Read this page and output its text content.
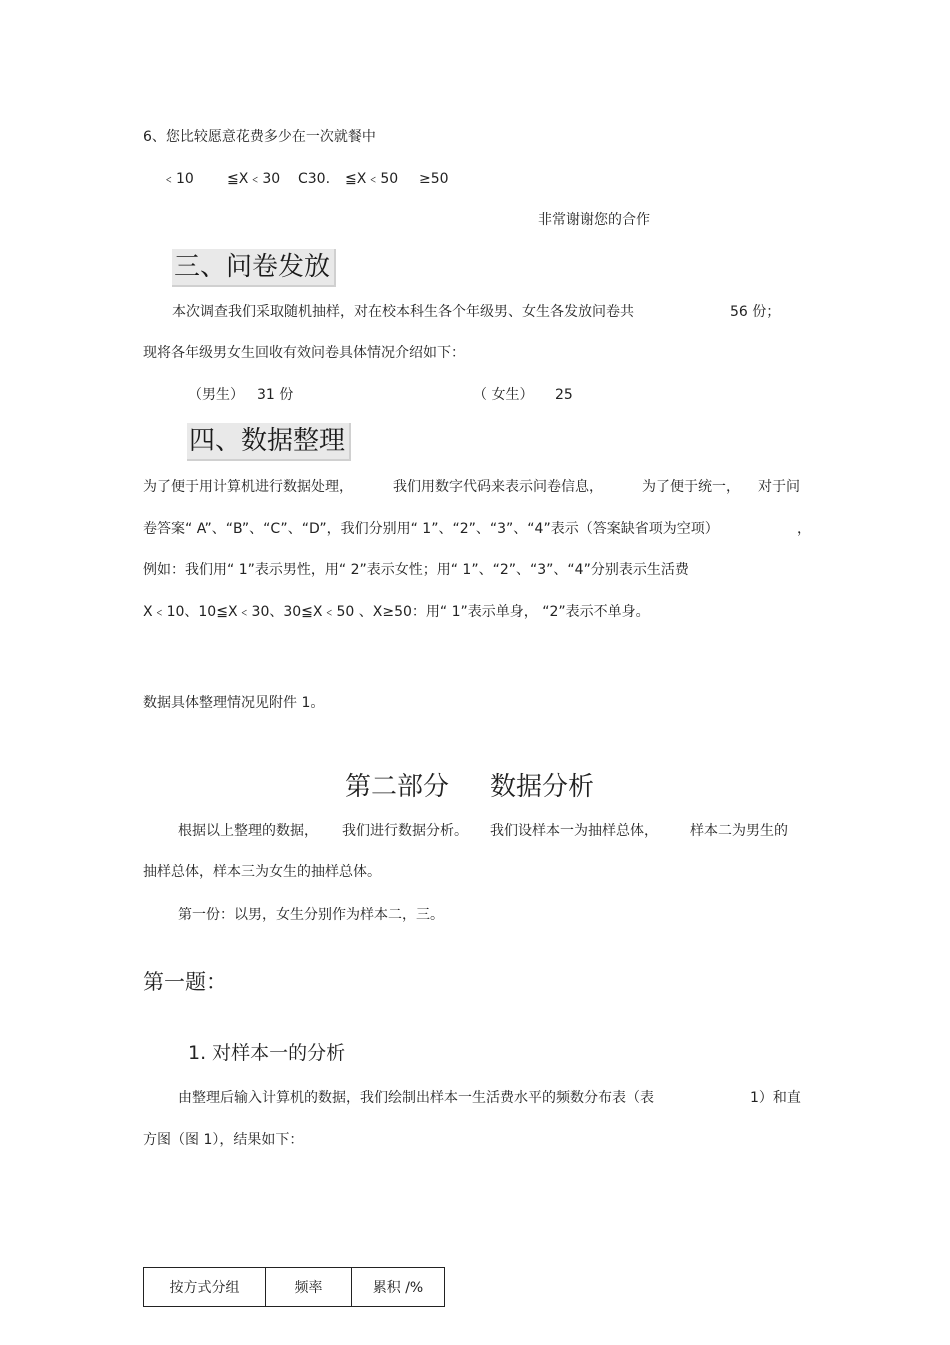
6、您比较愿意花费多少在一次就餐中
﹤10 ≦X﹤30 C30. ≦X﹤50 ≥50
非常谢谢您的合作
三、问卷发放
本次调查我们采取随机抽样，对在校本科生各个年级男、女生各发放问卷共	56 份；
现将各年级男女生回收有效问卷具体情况介绍如下：
（男生） 31 份	（ 女生） 25
四、数据整理
为了便于用计算机进行数据处理，	我们用数字代码来表示问卷信息，	为了便于统一， 对于问
卷答案“ A”、“B”、“C”、“D”，我们分别用“ 1”、“2”、“3”、“4”表示（答案缺省项为空项）	，
例如：我们用“ 1”表示男性，用“ 2”表示女性；用“ 1”、“2”、“3”、“4”分别表示生活费
X﹤10、10≦X﹤30、30≦X﹤50 、X≥50：用“ 1”表示单身， “2”表示不单身。
数据具体整理情况见附件 1。
第二部分 数据分析
根据以上整理的数据， 我们进行数据分析。 我们设样本一为抽样总体， 样本二为男生的
抽样总体，样本三为女生的抽样总体。
第一份：以男，女生分别作为样本二，三。
第一题：
1. 对样本一的分析
由整理后输入计算机的数据，我们绘制出样本一生活费水平的频数分布表（表	1）和直
方图（图 1），结果如下：
按方式分组	频率	累积 /%
